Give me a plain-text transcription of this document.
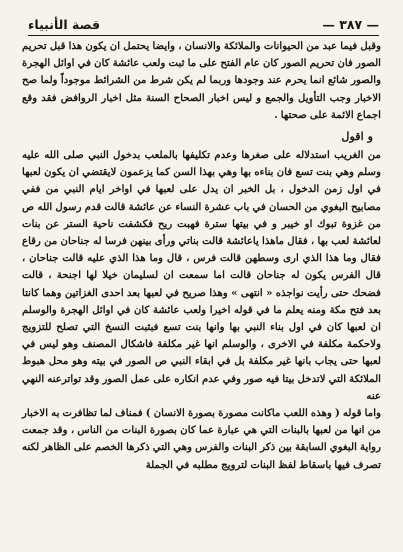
— ٣٨٧ —
قصة الأنبياء

وقبل فيما عبد من الحيوانات والملائكة والانسان ، وايضا يحتمل ان يكون هذا قبل تحريم الصور فان تحريم الصور كان عام الفتح على ما ثبت ولعب عائشة كان في اوائل الهجرة والصور شائع انما يحرم عند وجودها وربما لم يكن شرط من الشرائط موجوداً ولما صح الاخبار وجب التأويل والجمع و ليس اخبار الصحاح السنة مثل اخبار الروافض فقد وقع اجماع الائمة على صحتها .

و اقول

من الغريب استدلاله على صغرها وعدم تكليفها بالملعب بدخول النبي صلى الله عليه وسلم وهي بنت تسع فان بناءه بها وهي بهذا السن كما يزعمون لايقتضي ان يكون لعبها في اول زمن الدخول ، بل الخبر ان يدل على لعبها في اواخر ايام النبي من ففي مصابيح البغوي من الحسان في باب عشرة النساء عن عائشة قالت قدم رسول الله ص من غزوة تبوك او خيبر و في بيتها سترة فهبت ريح فكشفت ناحية الستر عن بنات لعائشة لعب بها ، فقال ماهذا ياعائشة قالت بناتي ورأى بينهن فرسا له جناحان من رقاع فقال وما هذا الذي ارى وسطهن قالت فرس ، قال وما هذا الذي عليه قالت جناحان ، قال الفرس يكون له جناحان قالت اما سمعت ان لسليمان خيلا لها اجنحة ، قالت فضحك حتى رأيت نواجذه « انتهى » وهذا صريح في لعبها بعد احدى الغزاتين وهما كانتا بعد فتح مكة ومنه يعلم ما في قوله اخيرا ولعب عائشة كان في اوائل الهجرة والوسلم ان لعبها كان في اول بناء النبي بها وانها بنت تسع فبثبت النسخ التي تصلح للتزويج ولاحكمة مكلفة في الاخرى ، والوسلم انها غير مكلفة فاشكال المصنف وهو ليس في لعبها حتى يجاب بانها غير مكلفة بل في ابقاء النبي ص الصور في بيته وهو محل هبوط الملائكة التي لاتدخل بيتا فيه صور وفي عدم انكاره على عمل الصور وقد تواترعنه النهي عنه

واما قوله ( وهذه اللعب ماكانت مصورة بصورة الانسان ) فمناف لما تظافرت به الاخبار من انها من لعبها بالبنات التي هي عبارة عما كان بصورة البنات من الناس ، وقد جمعت رواية البغوي السابقة بين ذكر البنات والفرس وهي التي ذكرها الخصم على الظاهر لكنه تصرف فيها باسقاط لفظ البنات لترويج مطلبه في الجملة
